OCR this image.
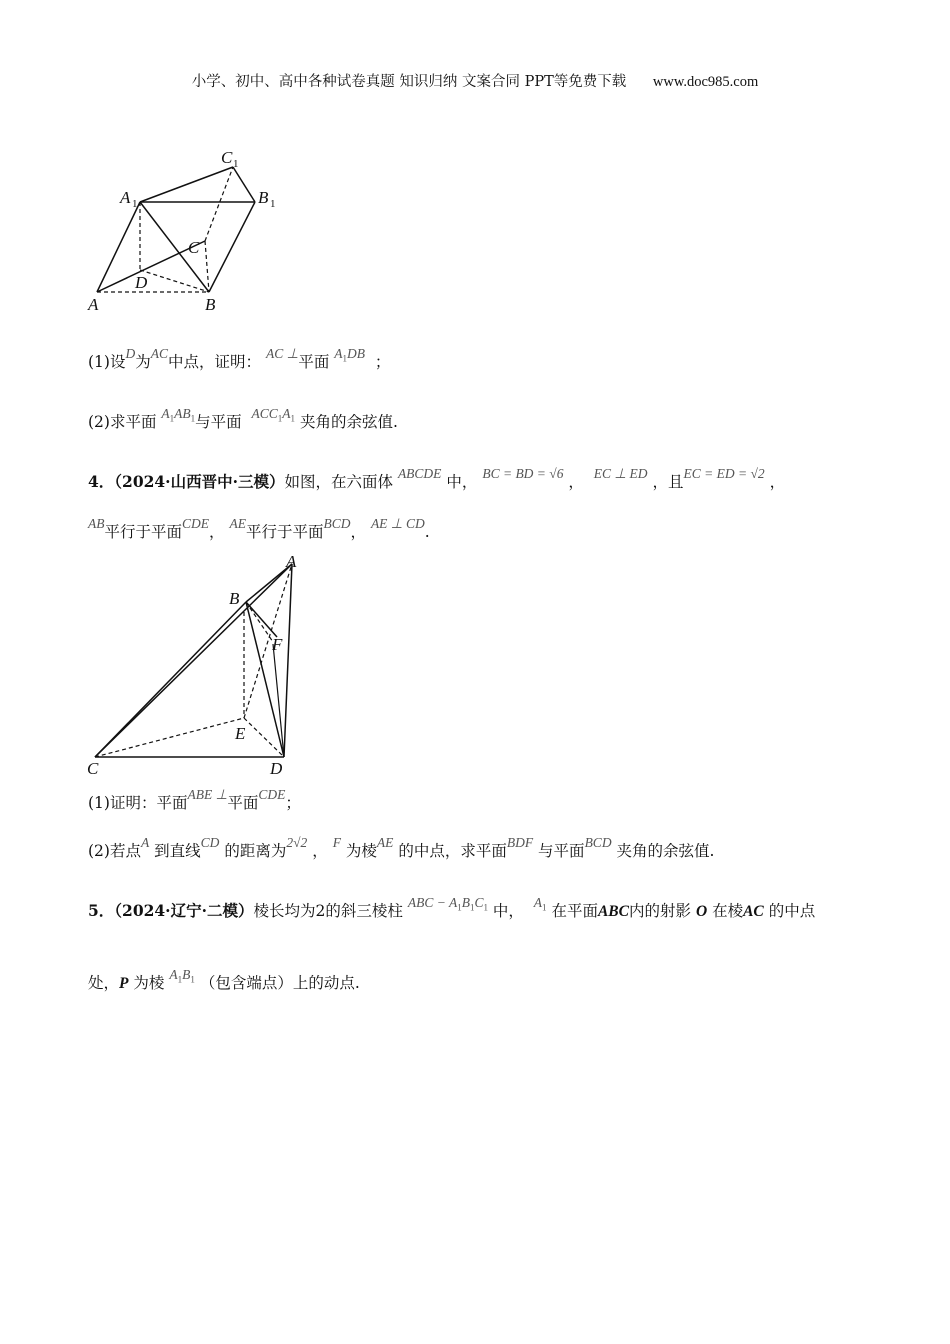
小学、初中、高中各种试卷真题 知识归纳 文案合同 PPT等免费下载 www.doc985.com
A	B
C
D
A 1	B 1
C 1
(1)设D为AC中点，证明： AC ⊥平面 $A_1DB$ ；
(2)求平面 $A_1AB_1$与平面 $ACC_1A_1$ 夹角的余弦值.
4．（2024·山西晋中·三模）如图，在六面体 ABCDE 中， BC = BD = √6 ， EC ⊥ ED ，且EC = ED = √2 ，
AB平行于平面CDE， AE平行于平面BCD， AE ⊥ CD.
A
B
F
E
C	D
(1)证明：平面ABE ⊥平面CDE；
(2)若点A 到直线CD 的距离为2√2 ， F 为棱AE 的中点，求平面BDF 与平面BCD 夹角的余弦值.
5．（2024·辽宁·二模）棱长均为2的斜三棱柱 ABC − $A_1B_1C_1$ 中， $A_1$ 在平面ABC内的射影 O 在棱AC 的中点
处，P 为棱 $A_1B_1$ （包含端点）上的动点.
